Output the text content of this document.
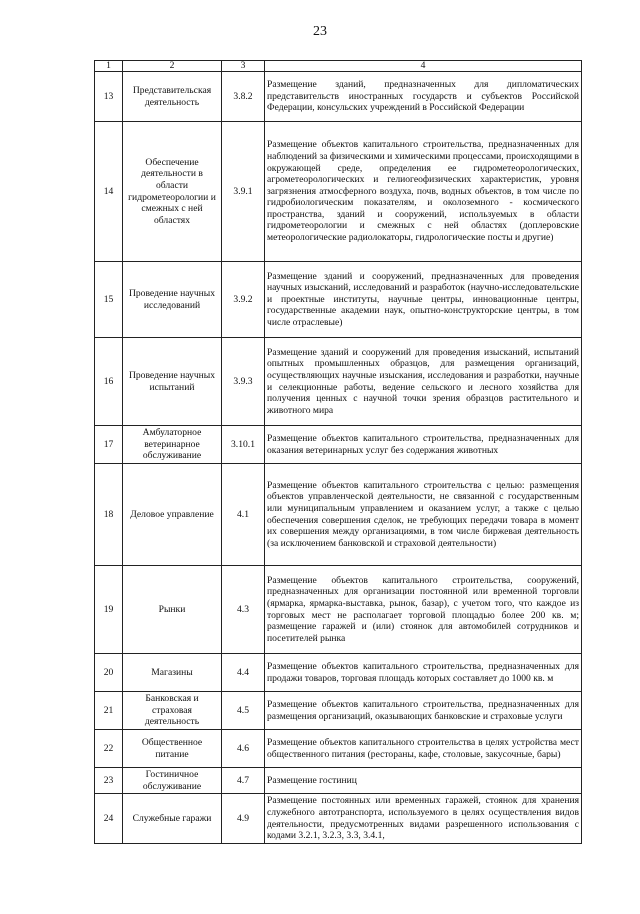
23
1	2	3	4
13	Представительская деятельность	3.8.2	Размещение зданий, предназначенных для дипломатических представительств иностранных государств и субъектов Российской Федерации, консульских учреждений в Российской Федерации
14	Обеспечение деятельности в области гидрометеорологии и смежных с ней областях	3.9.1	Размещение объектов капитального строительства, предназначенных для наблюдений за физическими и химическими процессами, происходящими в окружающей среде, определения ее гидрометеорологических, агрометеорологических и гелиогеофизических характеристик, уровня загрязнения атмосферного воздуха, почв, водных объектов, в том числе по гидробиологическим показателям, и околоземного - космического пространства, зданий и сооружений, используемых в области гидрометеорологии и смежных с ней областях (доплеровские метеорологические радиолокаторы, гидрологические посты и другие)
15	Проведение научных исследований	3.9.2	Размещение зданий и сооружений, предназначенных для проведения научных изысканий, исследований и разработок (научно-исследовательские и проектные институты, научные центры, инновационные центры, государственные академии наук, опытно-конструкторские центры, в том числе отраслевые)
16	Проведение научных испытаний	3.9.3	Размещение зданий и сооружений для проведения изысканий, испытаний опытных промышленных образцов, для размещения организаций, осуществляющих научные изыскания, исследования и разработки, научные и селекционные работы, ведение сельского и лесного хозяйства для получения ценных с научной точки зрения образцов растительного и животного мира
17	Амбулаторное ветеринарное обслуживание	3.10.1	Размещение объектов капитального строительства, предназначенных для оказания ветеринарных услуг без содержания животных
18	Деловое управление	4.1	Размещение объектов капитального строительства с целью: размещения объектов управленческой деятельности, не связанной с государственным или муниципальным управлением и оказанием услуг, а также с целью обеспечения совершения сделок, не требующих передачи товара в момент их совершения между организациями, в том числе биржевая деятельность (за исключением банковской и страховой деятельности)
19	Рынки	4.3	Размещение объектов капитального строительства, сооружений, предназначенных для организации постоянной или временной торговли (ярмарка, ярмарка-выставка, рынок, базар), с учетом того, что каждое из торговых мест не располагает торговой площадью более 200 кв. м; размещение гаражей и (или) стоянок для автомобилей сотрудников и посетителей рынка
20	Магазины	4.4	Размещение объектов капитального строительства, предназначенных для продажи товаров, торговая площадь которых составляет до 1000 кв. м
21	Банковская и страховая деятельность	4.5	Размещение объектов капитального строительства, предназначенных для размещения организаций, оказывающих банковские и страховые услуги
22	Общественное питание	4.6	Размещение объектов капитального строительства в целях устройства мест общественного питания (рестораны, кафе, столовые, закусочные, бары)
23	Гостиничное обслуживание	4.7	Размещение гостиниц
24	Служебные гаражи	4.9	Размещение постоянных или временных гаражей, стоянок для хранения служебного автотранспорта, используемого в целях осуществления видов деятельности, предусмотренных видами разрешенного использования с кодами 3.2.1, 3.2.3, 3.3, 3.4.1,
